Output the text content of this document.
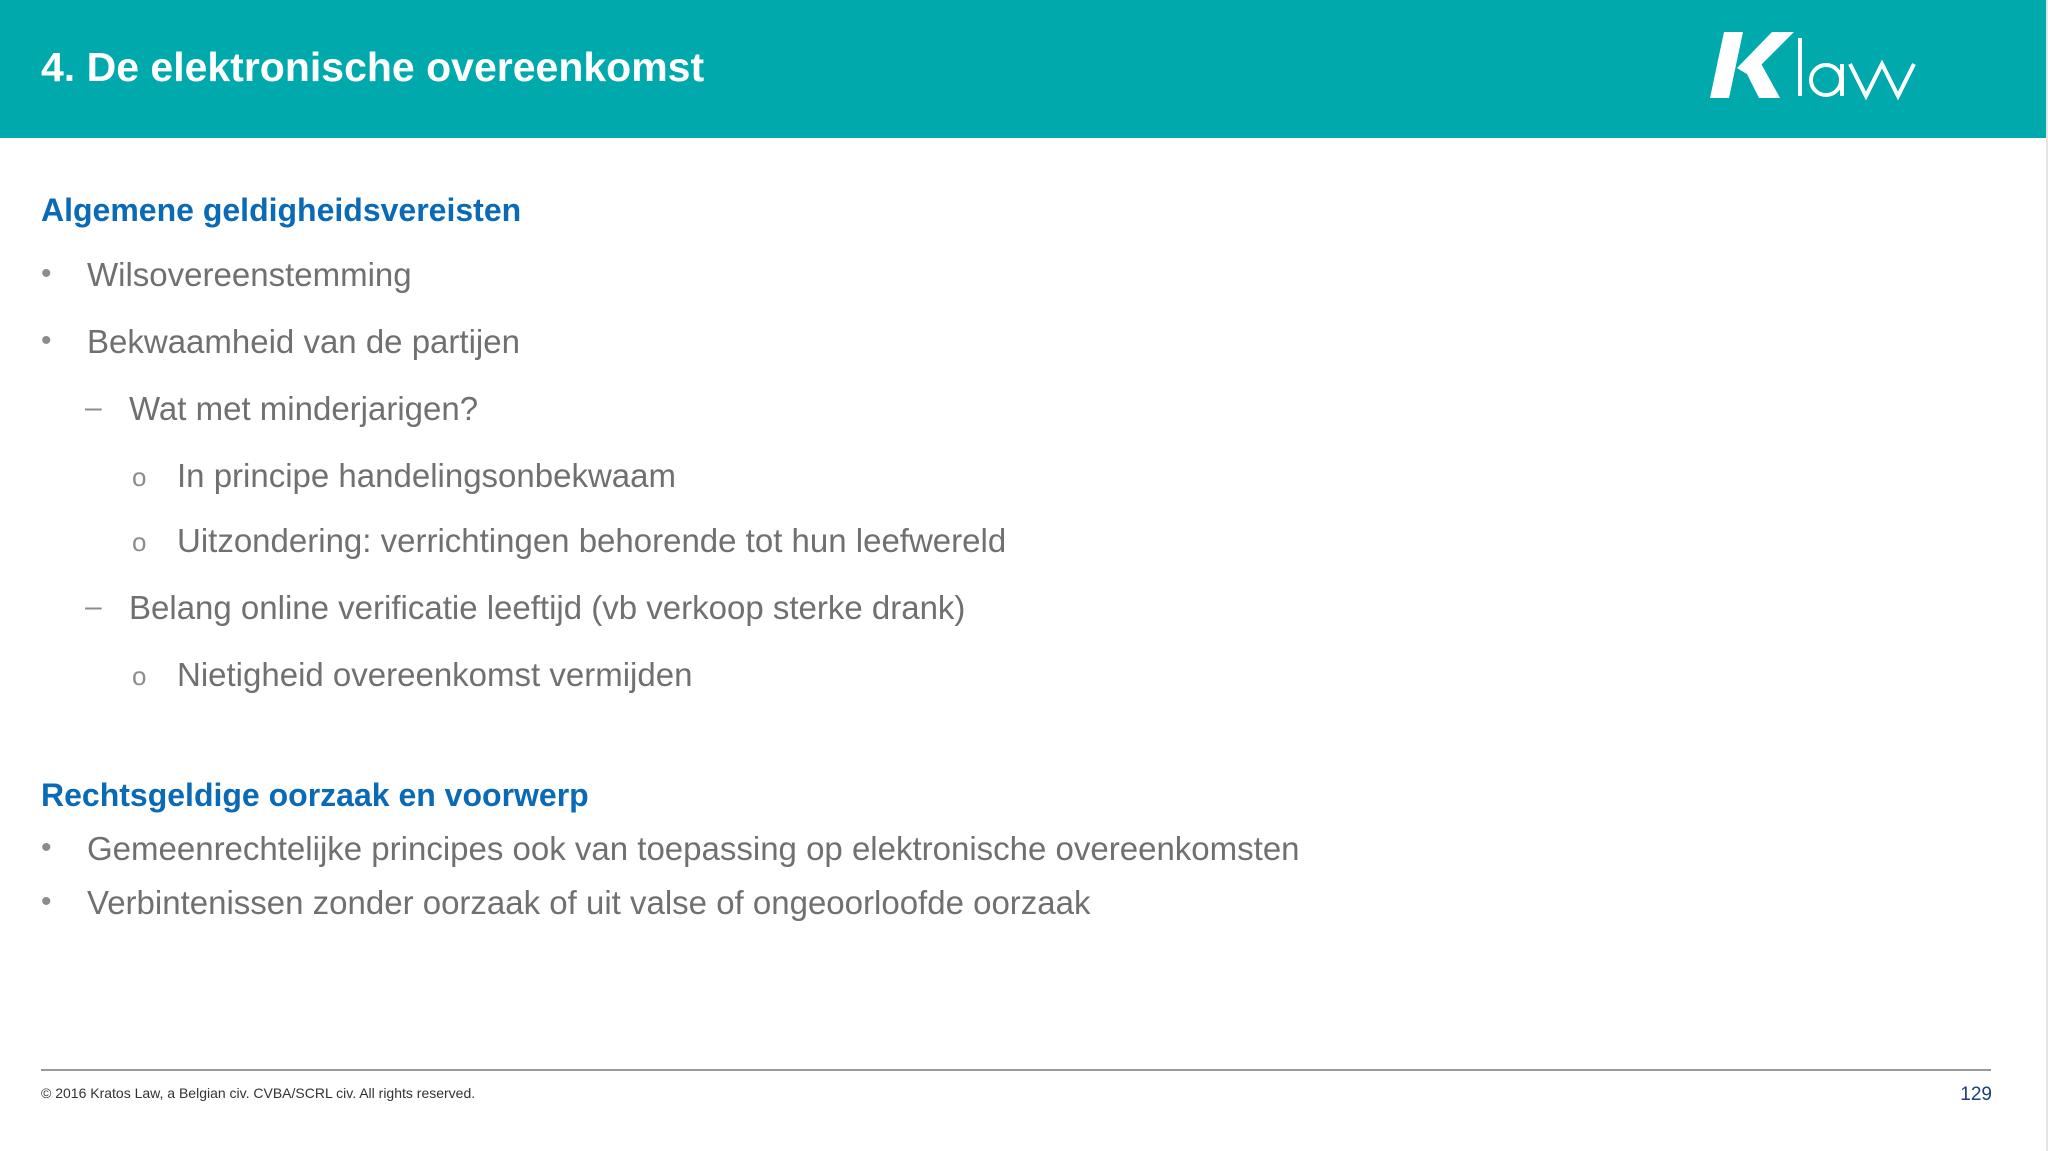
4. De elektronische overeenkomst
Algemene geldigheidsvereisten
• Wilsovereenstemming
• Bekwaamheid van de partijen
– Wat met minderjarigen?
o In principe handelingsonbekwaam
o Uitzondering: verrichtingen behorende tot hun leefwereld
– Belang online verificatie leeftijd (vb verkoop sterke drank)
o Nietigheid overeenkomst vermijden
Rechtsgeldige oorzaak en voorwerp
• Gemeenrechtelijke principes ook van toepassing op elektronische overeenkomsten
• Verbintenissen zonder oorzaak of uit valse of ongeoorloofde oorzaak
© 2016 Kratos Law, a Belgian civ. CVBA/SCRL civ. All rights reserved.	129
